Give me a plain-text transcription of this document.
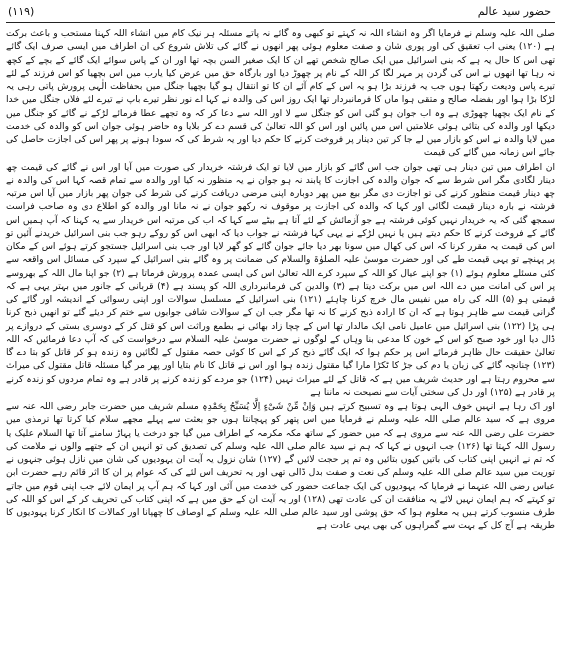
حضور سید عالم
(۱۱۹)

صلی اللہ علیہ وسلم نے فرمایا اگر وہ انشاء اللہ نہ کہتے تو کبھی وہ گائے نہ پاتے مسئلہ ہر نیک کام میں انشاء اللہ کہنا مستحب و باعث برکت ہے (۱۲۰) یعنی اب تعقیق کی اور پوری شان و صفت معلوم ہوئی پھر انھوں نے گائے کی تلاش شروع کی ان اطراف میں ایسی صرف ایک گائے تھی اس کا حال یہ ہے کہ بنی اسرائیل میں ایک صالح شخص تھے ان کا ایک صغیر السن بچہ تھا اور ان کے پاس سوائے ایک گائے کے بچے کے کچھ نہ رہا تھا انھوں نے اس کی گردن پر مہر لگا کر اللہ کے نام پر چھوڑ دیا اور بارگاہ حق میں عرض کیا یارب میں اس بچھیا کو اس فرزند کے لئے تیرے پاس ودیعت رکھتا ہوں جب یہ فرزند بڑا ہو یہ اس کے کام آئے ان کا تو انتقال ہو گیا بچھیا جنگل میں بحفاظت الٰہی پرورش پاتی رہی یہ لڑکا بڑا ہوا اور بفضلہ صالح و متقی ہوا ماں کا فرمانبردار تھا ایک روز اس کی والدہ نے کہا اے نور نظر تیرے باپ نے تیرے لئے فلاں جنگل میں خدا کے نام ایک بچھیا چھوڑی ہے وہ اب جوان ہو گئی اس کو جنگل سے لا اور اللہ سے دعا کر کہ وہ تجھے عطا فرمائے لڑکے نے گائے کو جنگل میں دیکھا اور والدہ کی بتائی ہوئی علامتیں اس میں پائیں اور اس کو اللہ تعالیٰ کی قسم دے کر بلایا وہ حاضر ہوئی جوان اس کو والدہ کی خدمت میں لایا والدہ نے اس کو بازار میں لے جا کر تین دینار پر فروخت کرنے کا حکم دیا اور یہ شرط کی کہ سودا ہونے پر پھر اس کی اجازت حاصل کی جائے اس زمانہ میں گائے کی قیمت

ان اطراف میں تین دینار ہی تھی جوان جب اس گائے کو بازار میں لایا تو ایک فرشتہ خریدار کی صورت میں آیا اور اس نے گائے کی قیمت چھ دینار لگادی مگر اس شرط سے کہ جوان والدہ کی اجازت کا پابند نہ ہو جوان نے یہ منظور نہ کیا اور والدہ سے تمام قصہ کہا اس کی والدہ نے چھ دینار قیمت منظور کرنے کی تو اجازت دی مگر بیع میں پھر دوبارہ اپنی مرضی دریافت کرنے کی شرط کی جوان پھر بازار میں آیا اس مرتبہ فرشتہ نے بارہ دینار قیمت لگائی اور کہا کہ والدہ کی اجازت پر موقوف نہ رکھو جوان نے نہ مانا اور والدہ کو اطلاع دی وہ صاحب فراست سمجھ گئی کہ یہ خریدار نہیں کوئی فرشتہ ہے جو آزمائش کے لئے آتا ہے بیٹے سے کہا کہ اب کی مرتبہ اس خریدار سے یہ کہنا کہ آپ ہمیں اس گائے کے فروخت کرنے کا حکم دیتے ہیں یا نہیں لڑکے نے یہی کہا فرشتہ نے جواب دیا کہ ابھی اس کو روکے رہو جب بنی اسرائیل خریدنے آئیں تو اس کی قیمت یہ مقرر کرنا کہ اس کی کھال میں سونا بھر دیا جائے جوان گائے کو گھر لایا اور جب بنی اسرائیل جستجو کرتے ہوئے اس کے مکان پر پہنچے تو یہی قیمت طے کی اور حضرت موسیٰ علیہ الصلوٰۃ والسلام کی ضمانت پر وہ گائے بنی اسرائیل کے سپرد کی مسائل اس واقعہ سے کئی مسئلے معلوم ہوئے (۱) جو اپنے عیال کو اللہ کے سپرد کرے اللہ تعالیٰ اس کی ایسی عمدہ پرورش فرماتا ہے (۲) جو اپنا مال اللہ کے بھروسے پر اس کی امانت میں دے اللہ اس میں برکت دیتا ہے (۳) والدین کی فرمانبرداری اللہ کو پسند ہے (۴) قربانی کے جانور میں بہتر یہی ہے کہ قیمتی ہو (۵) اللہ کی راہ میں نفیس مال خرچ کرنا چاہئے (۱۲۱) بنی اسرائیل کے مسلسل سوالات اور اپنی رسوائی کے اندیشہ اور گائے کی گرانی قیمت سے ظاہر ہوتا ہے کہ ان کا ارادہ ذبح کرنے کا نہ تھا مگر جب ان کے سوالات شافی جوابوں سے ختم کر دیئے گئے تو انھیں ذبح کرنا ہی پڑا (۱۲۲) بنی اسرائیل میں عامیل نامی ایک مالدار تھا اس کے چچا زاد بھائی نے بطمع وراثت اس کو قتل کر کے دوسری بستی کے دروازے پر ڈال دیا اور خود صبح کو اس کے خون کا مدعی بنا وہاں کے لوگوں نے حضرت موسیٰ علیہ السلام سے درخواست کی کہ آپ دعا فرمائیں کہ اللہ تعالیٰ حقیقت حال ظاہر فرمائے اس پر حکم ہوا کہ ایک گائے ذبح کر کے اس کا کوئی حصہ مقتول کے لگائیں وہ زندہ ہو کر قاتل کو بتا دے گا (۱۲۳) چنانچہ گائے کی زبان یا دم کی جڑ کا ٹکڑا مارا گیا مقتول زندہ ہوا اور اس نے قاتل کا نام بتایا اور پھر مر گیا مسئلہ قاتل مقتول کی میراث سے محروم رہتا ہے اور حدیث شریف میں ہے کہ قاتل کے لئے میراث نہیں (۱۲۴) جو مردے کو زندہ کرنے پر قادر ہے وہ تمام مردوں کو زندہ کرنے پر قادر ہے (۱۲۵) اور دل کی سختی آیات سے نصیحت نہ ماننا ہے

اور اک رہا ہے انہیں خوف الہی ہوتا ہے وہ تسبیح کرتے ہیں وَاِنْ مِّنْ شَیْءٍ اِلَّا یُسَبِّحُ بِحَمْدِہٖ مسلم شریف میں حضرت جابر رضی اللہ عنہ سے مروی ہے کہ سید عالم صلی اللہ علیہ وسلم نے فرمایا میں اس پتھر کو پہچانتا ہوں جو بعثت سے پہلے مجھے سلام کیا کرتا تھا ترمذی میں حضرت علی رضی اللہ عنہ سے مروی ہے کہ میں حضور کے ساتھ مکہ مکرمہ کے اطراف میں گیا جو درخت یا پہاڑ سامنے آتا تھا السلام علیک یا رسول اللہ کہتا تھا (۱۲۶) جب انہوں نے کہا کہ ہم نے سید عالم صلی اللہ علیہ وسلم کی تصدیق کی تو انہیں ان کے جتھے والوں نے ملامت کی کہ تم نے انہیں اپنی کتاب کی باتیں کیوں بتائیں وہ تم پر حجت لائیں گے (۱۲۷) شان نزول یہ آیت ان یہودیوں کی شان میں نازل ہوئی جنہوں نے توریت میں سید عالم صلی اللہ علیہ وسلم کی نعت و صفت بدل ڈالی تھی اور یہ تحریف اس لئے کی کہ عوام پر ان کا اثر قائم رہے حضرت ابن عباس رضی اللہ عنہما نے فرمایا کہ یہودیوں کی ایک جماعت حضور کی خدمت میں آئی اور کہا کہ ہم آپ پر ایمان لائے جب اپنی قوم میں جاتے تو کہتے کہ ہم ایمان نہیں لائے یہ منافقت ان کی عادت تھی (۱۲۸) اور یہ آیت ان کے حق میں ہے کہ اپنی کتاب کی تحریف کر کے اس کو اللہ کی طرف منسوب کرتے ہیں یہ معلوم ہوا کہ حق پوشی اور سید عالم صلی اللہ علیہ وسلم کے اوصاف کا چھپانا اور کمالات کا انکار کرنا یہودیوں کا طریقہ ہے آج کل کے بہت سے گمراہوں کی بھی یہی عادت ہے
